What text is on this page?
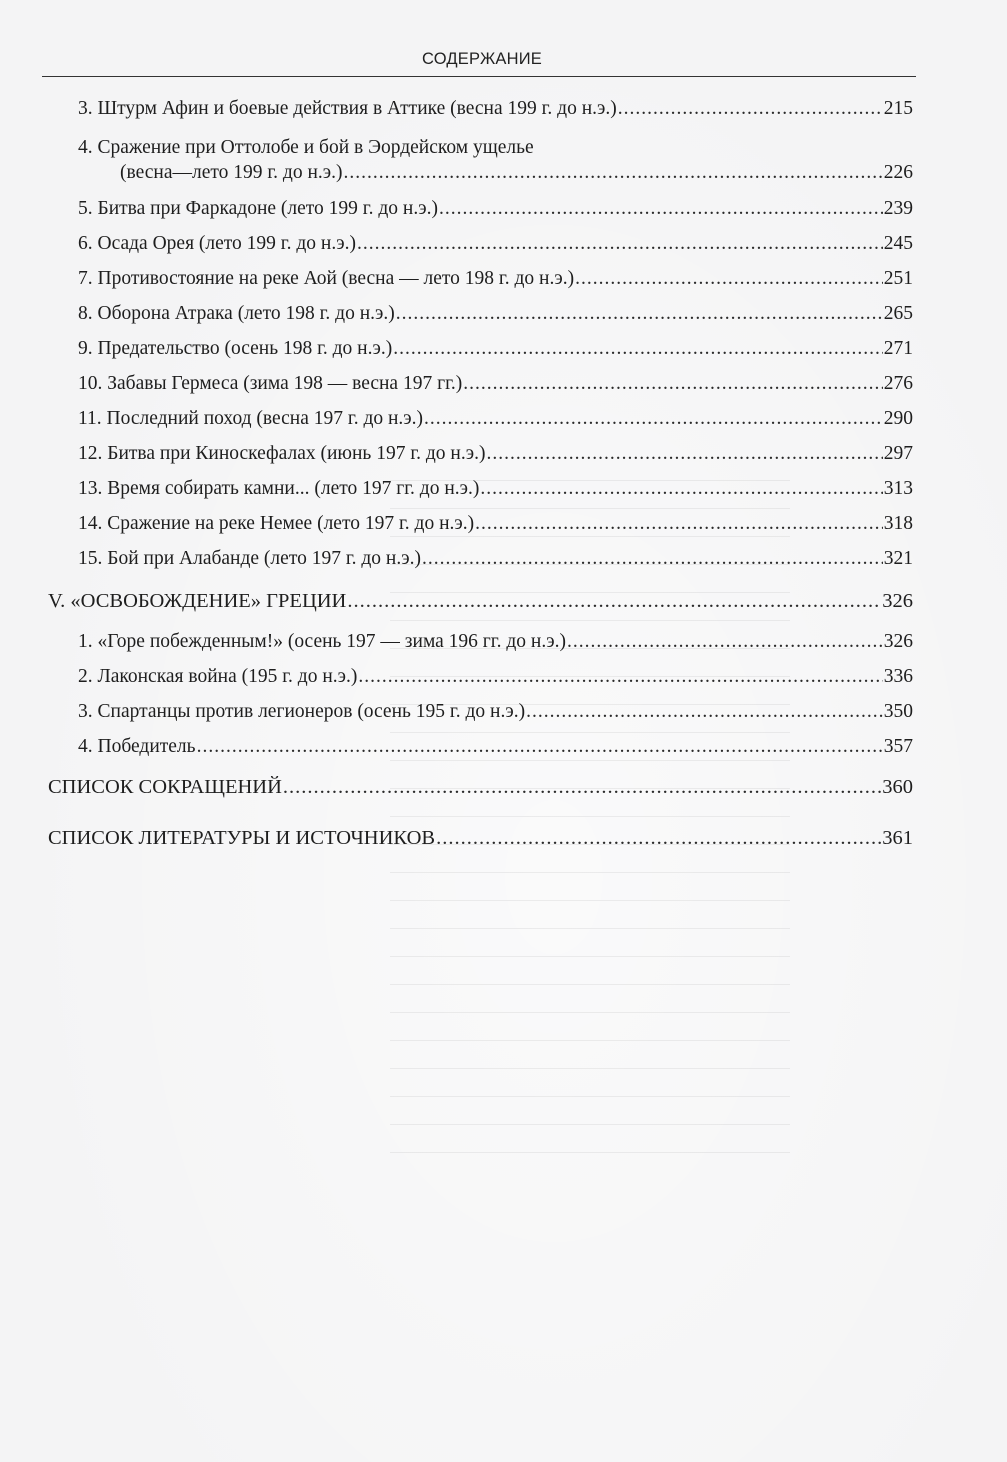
СОДЕРЖАНИЕ
3. Штурм Афин и боевые действия в Аттике (весна 199 г. до н.э.) .....	215
4. Сражение при Оттолобе и бой в Эордейском ущелье
(весна—лето 199 г. до н.э.) .....	226
5. Битва при Фаркадоне (лето 199 г. до н.э.) .....	239
6. Осада Орея (лето 199 г. до н.э.) .....	245
7. Противостояние на реке Аой (весна — лето 198 г. до н.э.) .....	251
8. Оборона Атрака (лето 198 г. до н.э.) .....	265
9. Предательство (осень 198 г. до н.э.) .....	271
10. Забавы Гермеса (зима 198 — весна 197 гг.) .....	276
11. Последний поход (весна 197 г. до н.э.) .....	290
12. Битва при Киноскефалах (июнь 197 г. до н.э.) .....	297
13. Время собирать камни... (лето 197 гг. до н.э.) .....	313
14. Сражение на реке Немее (лето 197 г. до н.э.) .....	318
15. Бой при Алабанде (лето 197 г. до н.э.) .....	321
V. «ОСВОБОЖДЕНИЕ» ГРЕЦИИ .....	326
1. «Горе побежденным!» (осень 197 — зима 196 гг. до н.э.) .....	326
2. Лаконская война (195 г. до н.э.) .....	336
3. Спартанцы против легионеров (осень 195 г. до н.э.) .....	350
4. Победитель .....	357
СПИСОК СОКРАЩЕНИЙ .....	360
СПИСОК ЛИТЕРАТУРЫ И ИСТОЧНИКОВ .....	361
